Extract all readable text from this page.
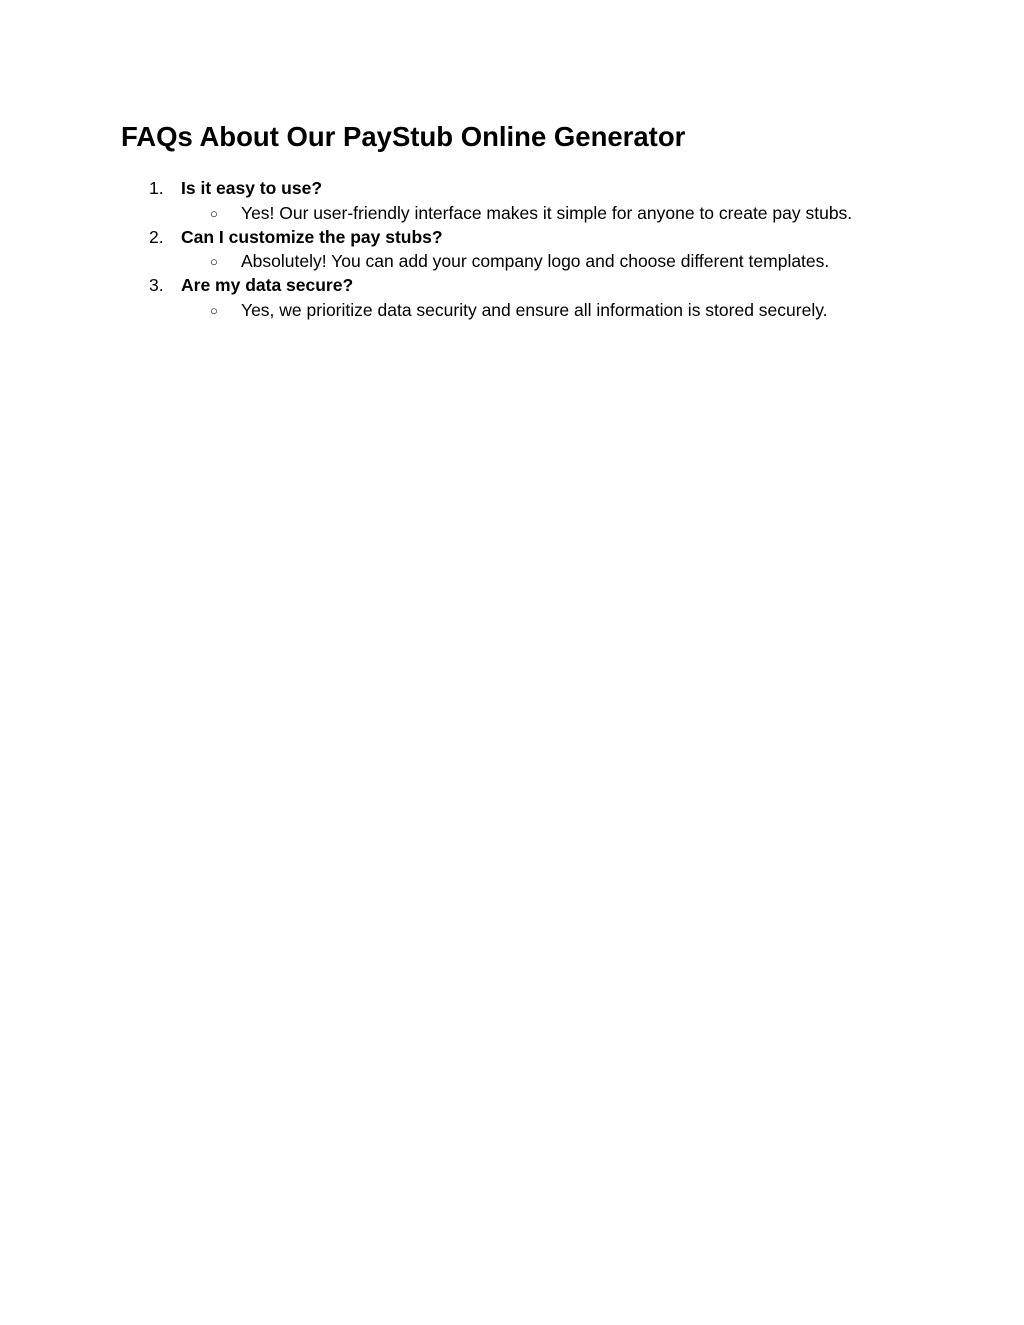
FAQs About Our PayStub Online Generator
1. Is it easy to use?
○ Yes! Our user-friendly interface makes it simple for anyone to create pay stubs.
2. Can I customize the pay stubs?
○ Absolutely! You can add your company logo and choose different templates.
3. Are my data secure?
○ Yes, we prioritize data security and ensure all information is stored securely.
